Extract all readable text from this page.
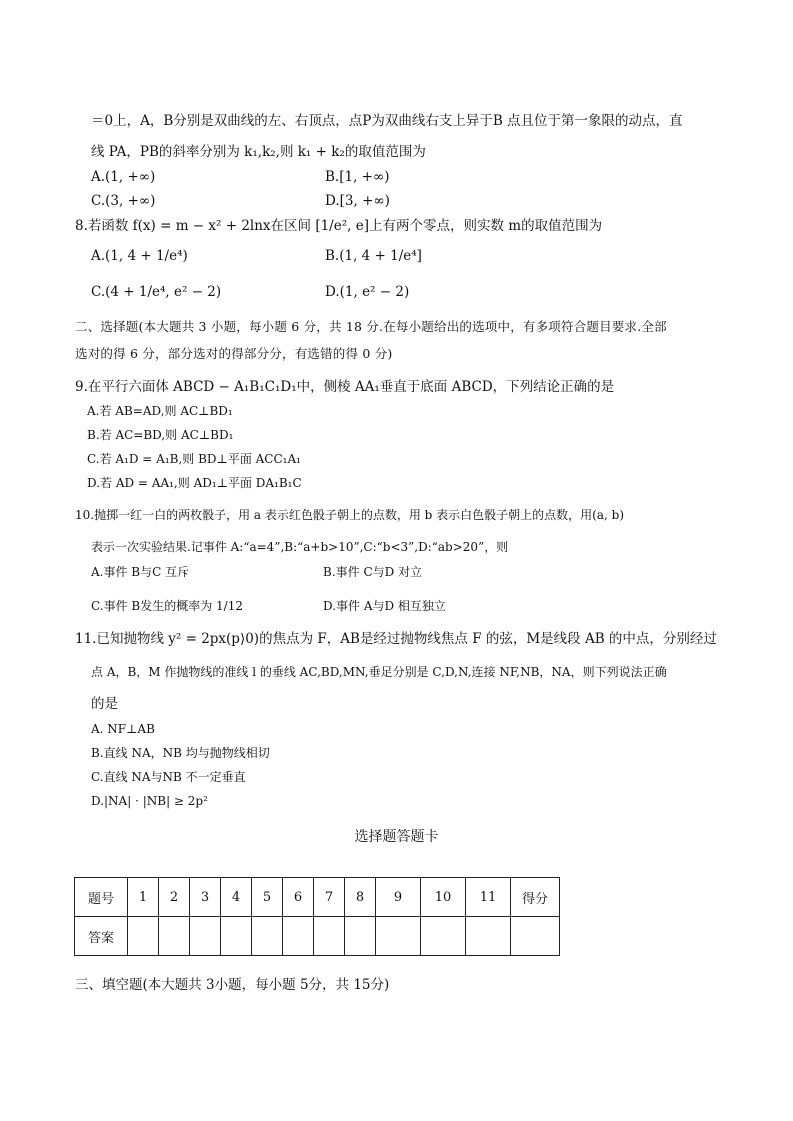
＝0上，A，B分别是双曲线的左、右顶点，点P为双曲线右支上异于B 点且位于第一象限的动点，直
线 PA，PB的斜率分别为 k₁,k₂,则 k₁ + k₂的取值范围为
A.(1, +∞)	B.[1, +∞)
C.(3, +∞)	D.[3, +∞)
8.若函数 f(x) = m − x² + 2lnx在区间 [1/e², e]上有两个零点，则实数 m的取值范围为
A.(1, 4 + 1/e⁴)	B.(1, 4 + 1/e⁴]
C.(4 + 1/e⁴, e² − 2)	D.(1, e² − 2)
二、选择题(本大题共 3 小题，每小题 6 分，共 18 分.在每小题给出的选项中，有多项符合题目要求.全部
选对的得 6 分，部分选对的得部分分，有选错的得 0 分)
9.在平行六面体 ABCD − A₁B₁C₁D₁中，侧棱 AA₁垂直于底面 ABCD，下列结论正确的是
A.若 AB=AD,则 AC⊥BD₁
B.若 AC=BD,则 AC⊥BD₁
C.若 A₁D = A₁B,则 BD⊥平面 ACC₁A₁
D.若 AD = AA₁,则 AD₁⊥平面 DA₁B₁C
10.抛掷一红一白的两枚骰子，用 a 表示红色骰子朝上的点数，用 b 表示白色骰子朝上的点数，用(a, b)
表示一次实验结果.记事件 A:“a=4”,B:“a+b>10”,C:“b<3”,D:“ab>20”，则
A.事件 B与C 互斥	B.事件 C与D 对立
C.事件 B发生的概率为 1/12	D.事件 A与D 相互独立
11.已知抛物线 y² = 2px(p⟩0)的焦点为 F，AB是经过抛物线焦点 F 的弦，M是线段 AB 的中点，分别经过
点 A，B，M 作抛物线的准线 l 的垂线 AC,BD,MN,垂足分别是 C,D,N,连接 NF,NB，NA，则下列说法正确
的是
A. NF⊥AB
B.直线 NA，NB 均与抛物线相切
C.直线 NA与NB 不一定垂直
D.|NA| · |NB| ≥ 2p²
选择题答题卡
题号	1	2	3	4	5	6	7	8	9	10	11	得分
答案												
三、填空题(本大题共 3小题，每小题 5分，共 15分)
